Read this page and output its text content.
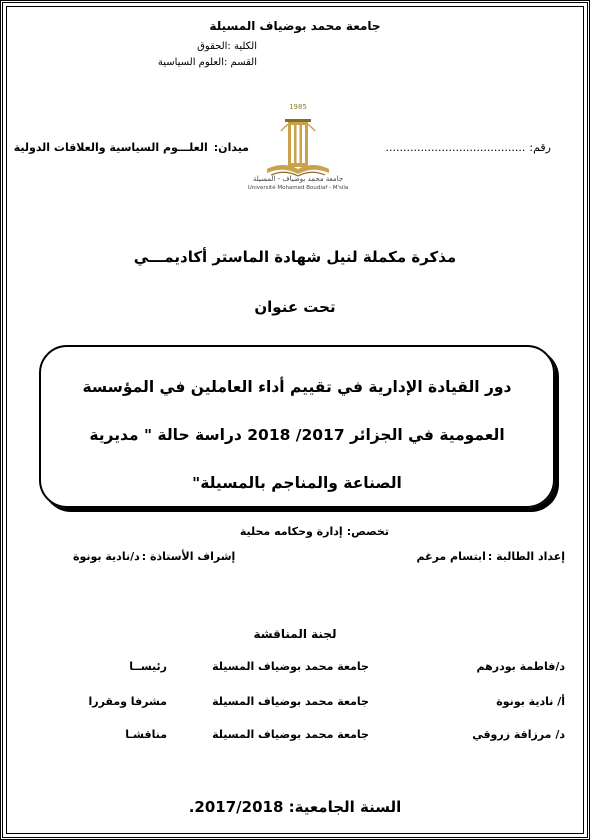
جامعة محمد بوضياف المسيلة
الكلية :الحقوق
القسم :العلوم السياسية
رقم:
........................................
ميدان:
العلـــوم السياسية والعلاقات الدولية
1985
جامعة محمد بوضياف - المسيلة
Université Mohamed Boudiaf - M'sila
مذكرة مكملة لنيل شهادة الماستر أكاديمـــي
تحت عنوان
دور القيادة الإدارية في تقييم أداء العاملين في المؤسسة
العمومية في الجزائر 2017/ 2018 دراسة حالة " مديرية
الصناعة والمناجم بالمسيلة"
تخصص:
إدارة وحكامه محلية
إعداد الطالبة :
ابتسام مرغم
إشراف الأستاذة :
د/نادية بونوة
لجنة المناقشة
د/فاطمة بودرهم
جامعة محمد بوضياف المسيلة
رئيســا
أ/ نادية بونوة
جامعة محمد بوضياف المسيلة
مشرفا ومقررا
د/ مرزاقة زروقي
جامعة محمد بوضياف المسيلة
مناقشـا
السنة الجامعية: 2017/2018.
